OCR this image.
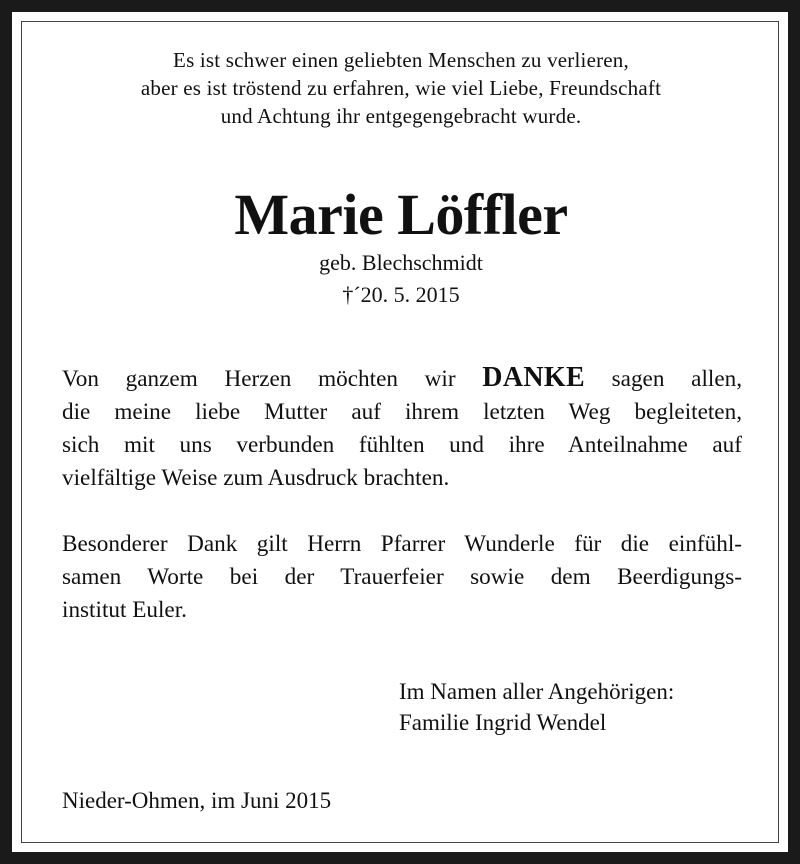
Es ist schwer einen geliebten Menschen zu verlieren,
aber es ist tröstend zu erfahren, wie viel Liebe, Freundschaft
und Achtung ihr entgegengebracht wurde.
Marie Löffler
geb. Blechschmidt
†´20. 5. 2015
Von ganzem Herzen möchten wir DANKE sagen allen,
die meine liebe Mutter auf ihrem letzten Weg begleiteten,
sich mit uns verbunden fühlten und ihre Anteilnahme auf
vielfältige Weise zum Ausdruck brachten.
Besonderer Dank gilt Herrn Pfarrer Wunderle für die einfühl-
samen Worte bei der Trauerfeier sowie dem Beerdigungs-
institut Euler.
Im Namen aller Angehörigen:
Familie Ingrid Wendel
Nieder-Ohmen, im Juni 2015
